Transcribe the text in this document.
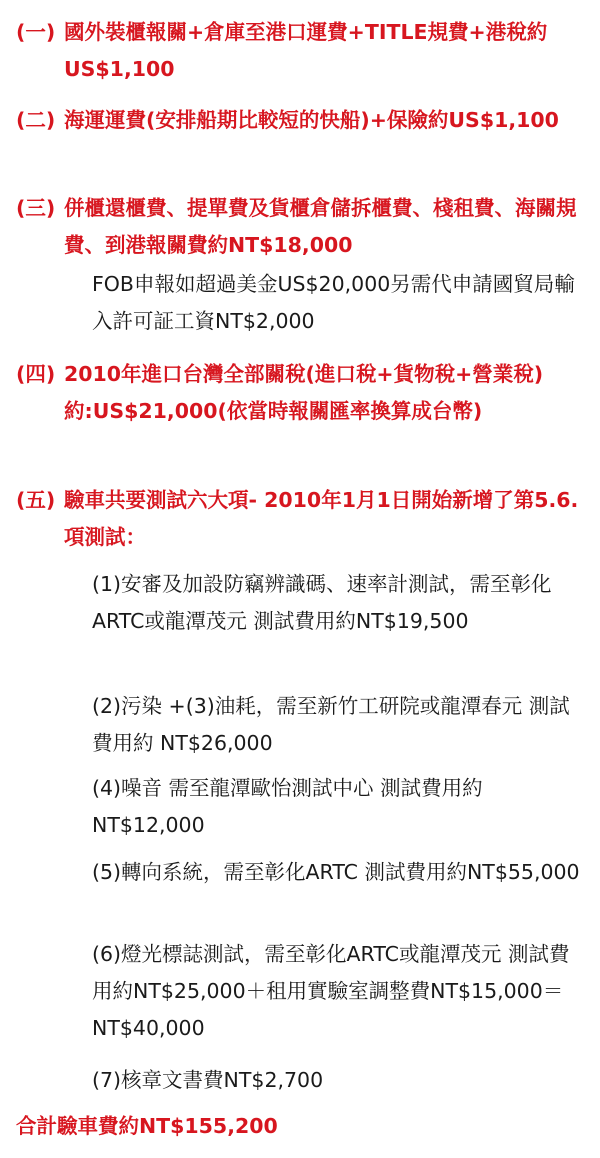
(一) 國外裝櫃報關+倉庫至港口運費+TITLE規費+港稅約US$1,100
(二) 海運運費(安排船期比較短的快船)+保險約US$1,100
(三) 併櫃還櫃費、提單費及貨櫃倉儲拆櫃費、棧租費、海關規費、到港報關費約NT$18,000
FOB申報如超過美金US$20,000另需代申請國貿局輸入許可証工資NT$2,000
(四) 2010年進口台灣全部關稅(進口稅+貨物稅+營業稅) 約:US$21,000(依當時報關匯率換算成台幣)
(五) 驗車共要測試六大項- 2010年1月1日開始新增了第5.6.項測試：
(1)安審及加設防竊辨識碼、速率計測試，需至彰化ARTC或龍潭茂元 測試費用約NT$19,500
(2)污染 +(3)油耗，需至新竹工研院或龍潭春元 測試費用約 NT$26,000
(4)噪音 需至龍潭歐怡測試中心 測試費用約NT$12,000
(5)轉向系統，需至彰化ARTC 測試費用約NT$55,000
(6)燈光標誌測試，需至彰化ARTC或龍潭茂元 測試費用約NT$25,000＋租用實驗室調整費NT$15,000＝NT$40,000
(7)核章文書費NT$2,700
合計驗車費約NT$155,200
